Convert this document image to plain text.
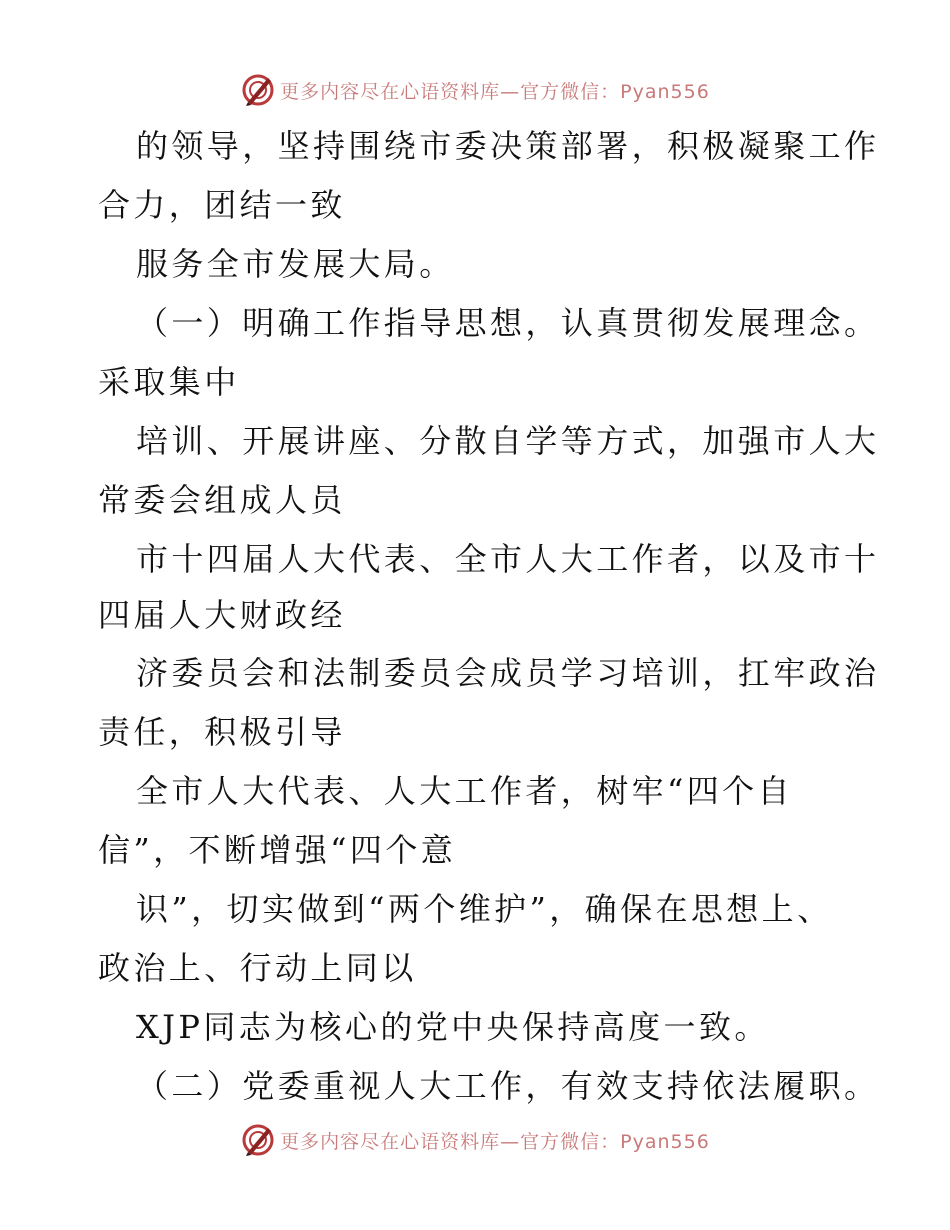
更多内容尽在心语资料库—官方微信：Pyan556
的领导，坚持围绕市委决策部署，积极凝聚工作
合力，团结一致
服务全市发展大局。
（一）明确工作指导思想，认真贯彻发展理念。
采取集中
培训、开展讲座、分散自学等方式，加强市人大
常委会组成人员
市十四届人大代表、全市人大工作者，以及市十
四届人大财政经
济委员会和法制委员会成员学习培训，扛牢政治
责任，积极引导
全市人大代表、人大工作者，树牢“四个自
信”，不断增强“四个意
识”，切实做到“两个维护”，确保在思想上、
政治上、行动上同以
XJP同志为核心的党中央保持高度一致。
（二）党委重视人大工作，有效支持依法履职。
更多内容尽在心语资料库—官方微信：Pyan556
